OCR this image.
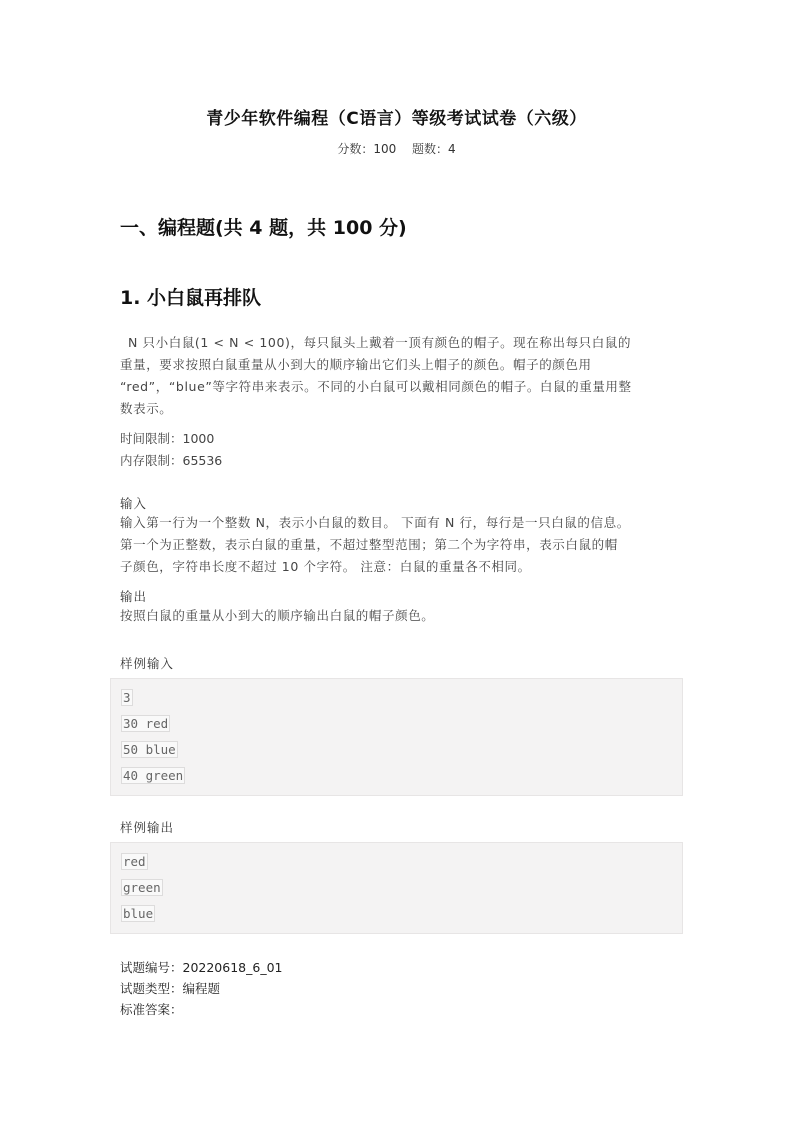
青少年软件编程（C语言）等级考试试卷（六级）
分数：100 题数：4
一、编程题(共 4 题，共 100 分)
1. 小白鼠再排队
N 只小白鼠(1 < N < 100)，每只鼠头上戴着一顶有颜色的帽子。现在称出每只白鼠的
重量，要求按照白鼠重量从小到大的顺序输出它们头上帽子的颜色。帽子的颜色用
“red”，“blue”等字符串来表示。不同的小白鼠可以戴相同颜色的帽子。白鼠的重量用整
数表示。
时间限制：1000
内存限制：65536
输入
输入第一行为一个整数 N，表示小白鼠的数目。 下面有 N 行，每行是一只白鼠的信息。
第一个为正整数，表示白鼠的重量，不超过整型范围；第二个为字符串，表示白鼠的帽
子颜色，字符串长度不超过 10 个字符。 注意：白鼠的重量各不相同。
输出
按照白鼠的重量从小到大的顺序输出白鼠的帽子颜色。
样例输入
3
30 red
50 blue
40 green
样例输出
red
green
blue
试题编号：20220618_6_01
试题类型：编程题
标准答案：
